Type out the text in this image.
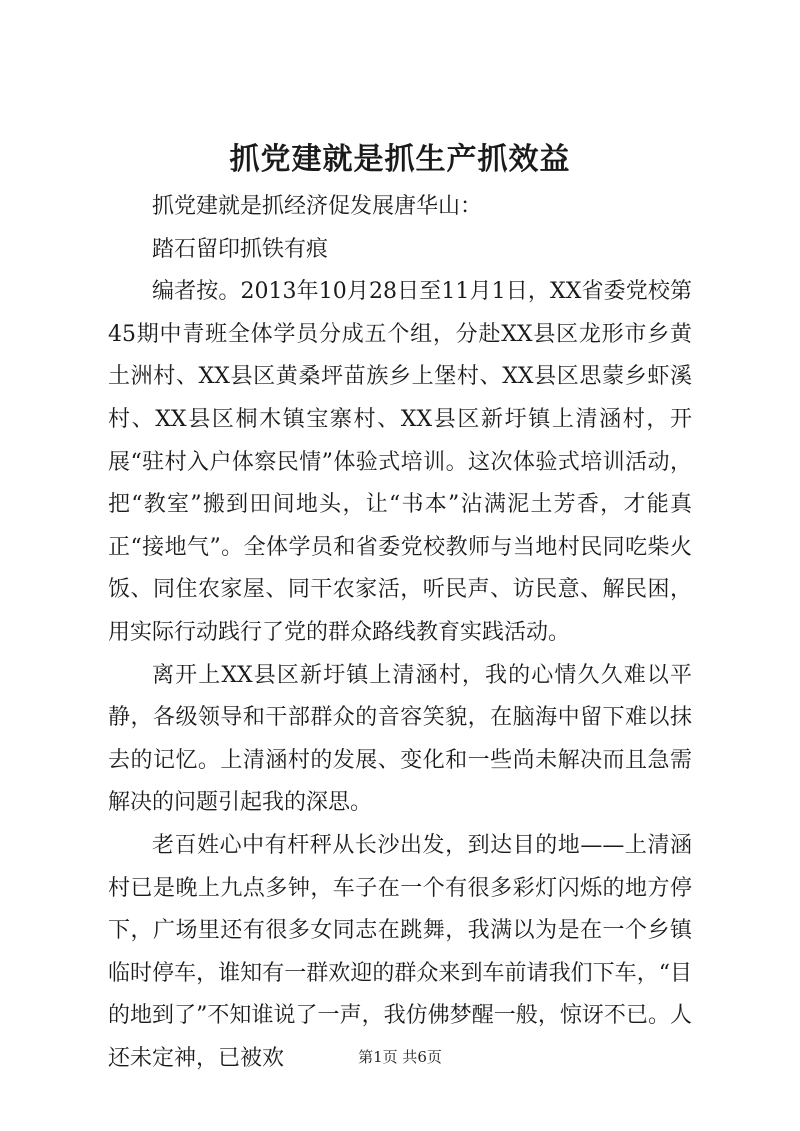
抓党建就是抓生产抓效益

抓党建就是抓经济促发展唐华山：

踏石留印抓铁有痕

编者按。2013年10月28日至11月1日，XX省委党校第45期中青班全体学员分成五个组，分赴XX县区龙形市乡黄土洲村、XX县区黄桑坪苗族乡上堡村、XX县区思蒙乡虾溪村、XX县区桐木镇宝寨村、XX县区新圩镇上清涵村，开展“驻村入户体察民情”体验式培训。这次体验式培训活动，把“教室”搬到田间地头，让“书本”沾满泥土芳香，才能真正“接地气”。全体学员和省委党校教师与当地村民同吃柴火饭、同住农家屋、同干农家活，听民声、访民意、解民困，用实际行动践行了党的群众路线教育实践活动。

离开上XX县区新圩镇上清涵村，我的心情久久难以平静，各级领导和干部群众的音容笑貌，在脑海中留下难以抹去的记忆。上清涵村的发展、变化和一些尚未解决而且急需解决的问题引起我的深思。

老百姓心中有杆秤从长沙出发，到达目的地——上清涵村已是晚上九点多钟，车子在一个有很多彩灯闪烁的地方停下，广场里还有很多女同志在跳舞，我满以为是在一个乡镇临时停车，谁知有一群欢迎的群众来到车前请我们下车，“目的地到了”不知谁说了一声，我仿佛梦醒一般，惊讶不已。人还未定神，已被欢	第1页 共6页
